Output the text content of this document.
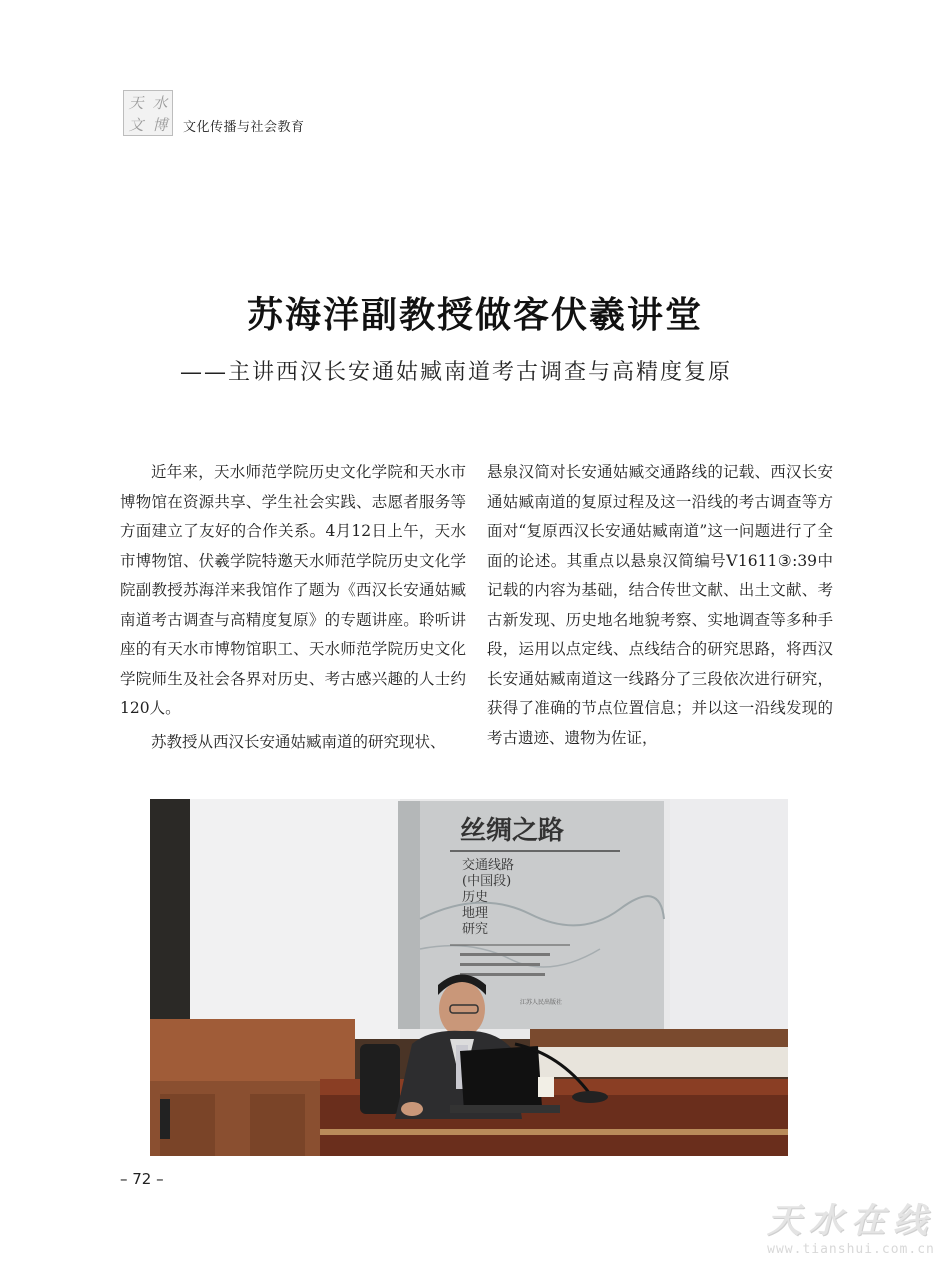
天 水
文 博	文化传播与社会教育
苏海洋副教授做客伏羲讲堂
——主讲西汉长安通姑臧南道考古调查与高精度复原

近年来，天水师范学院历史文化学院和天水市博物馆在资源共享、学生社会实践、志愿者服务等方面建立了友好的合作关系。4月12日上午，天水市博物馆、伏羲学院特邀天水师范学院历史文化学院副教授苏海洋来我馆作了题为《西汉长安通姑臧南道考古调查与高精度复原》的专题讲座。聆听讲座的有天水市博物馆职工、天水师范学院历史文化学院师生及社会各界对历史、考古感兴趣的人士约120人。

苏教授从西汉长安通姑臧南道的研究现状、

悬泉汉简对长安通姑臧交通路线的记载、西汉长安通姑臧南道的复原过程及这一沿线的考古调查等方面对“复原西汉长安通姑臧南道”这一问题进行了全面的论述。其重点以悬泉汉简编号Ⅴ1611③:39中记载的内容为基础，结合传世文献、出土文献、考古新发现、历史地名地貌考察、实地调查等多种手段，运用以点定线、点线结合的研究思路，将西汉长安通姑臧南道这一线路分了三段依次进行研究，获得了准确的节点位置信息；并以这一沿线发现的考古遗迹、遗物为佐证，

丝绸之路
交通线路
(中国段)
历史
地理
研究
江苏人民出版社
– 72 –
天水在线
www.tianshui.com.cn
